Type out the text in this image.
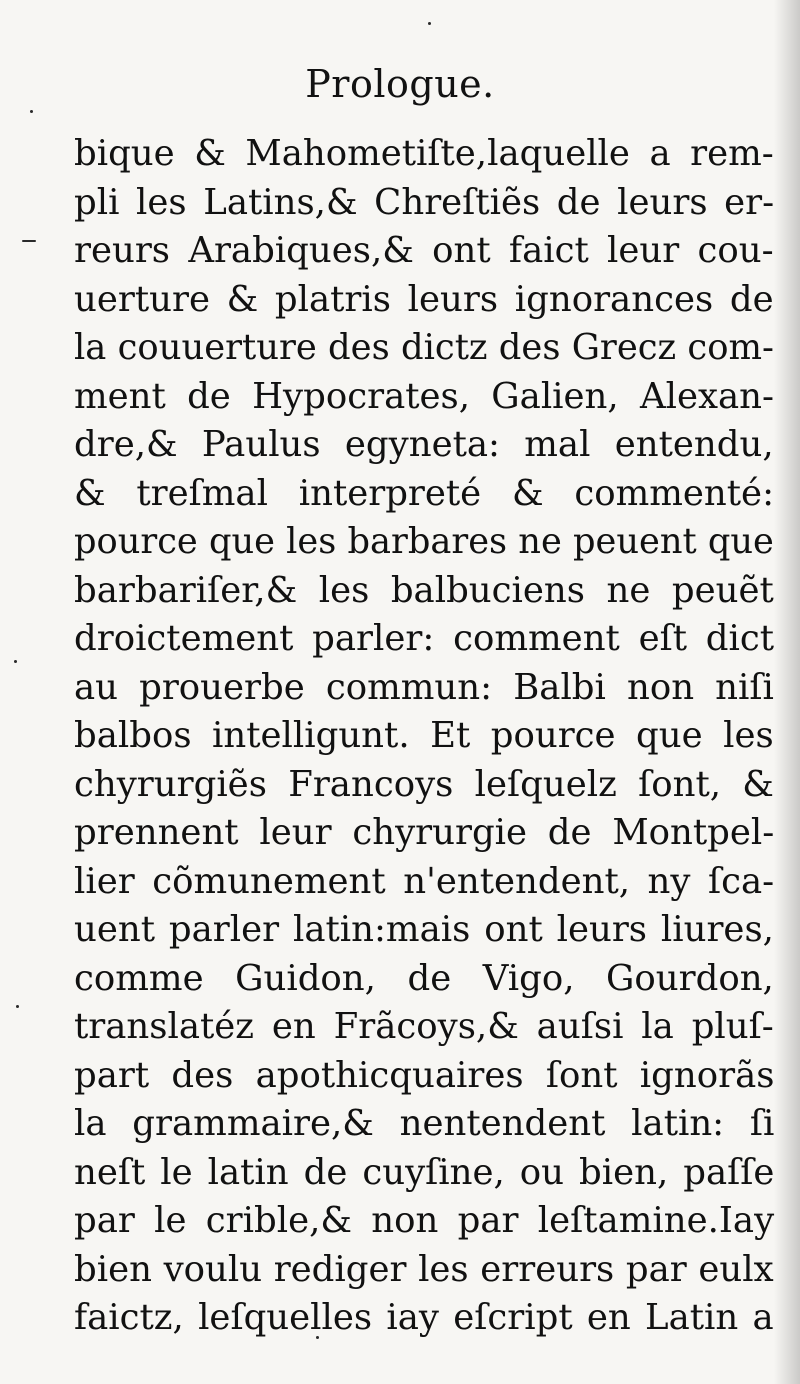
Prologue.
bique & Mahometiſte,laquelle a rem-
pli les Latins,& Chreſtiẽs de leurs er-
reurs Arabiques,& ont faict leur cou-
uerture & platris leurs ignorances de
la couuerture des dictz des Grecz com-
ment de Hypocrates, Galien, Alexan-
dre,& Paulus egyneta: mal entendu,
& treſmal interpreté & commenté:
pource que les barbares ne peuent que
barbariſer,& les balbuciens ne peuẽt
droictement parler: comment eſt dict
au prouerbe commun: Balbi non niſi
balbos intelligunt. Et pource que les
chyrurgiẽs Francoys leſquelz ſont, &
prennent leur chyrurgie de Montpel-
lier cõmunement n'entendent, ny ſca-
uent parler latin:mais ont leurs liures,
comme Guidon, de Vigo, Gourdon,
translatéz en Frãcoys,& auſsi la pluſ-
part des apothicquaires ſont ignorãs
la grammaire,& nentendent latin: ſi
neſt le latin de cuyſine, ou bien, paſſe
par le crible,& non par leſtamine.Iay
bien voulu rediger les erreurs par eulx
faictz, leſquelles iay eſcript en Latin a
